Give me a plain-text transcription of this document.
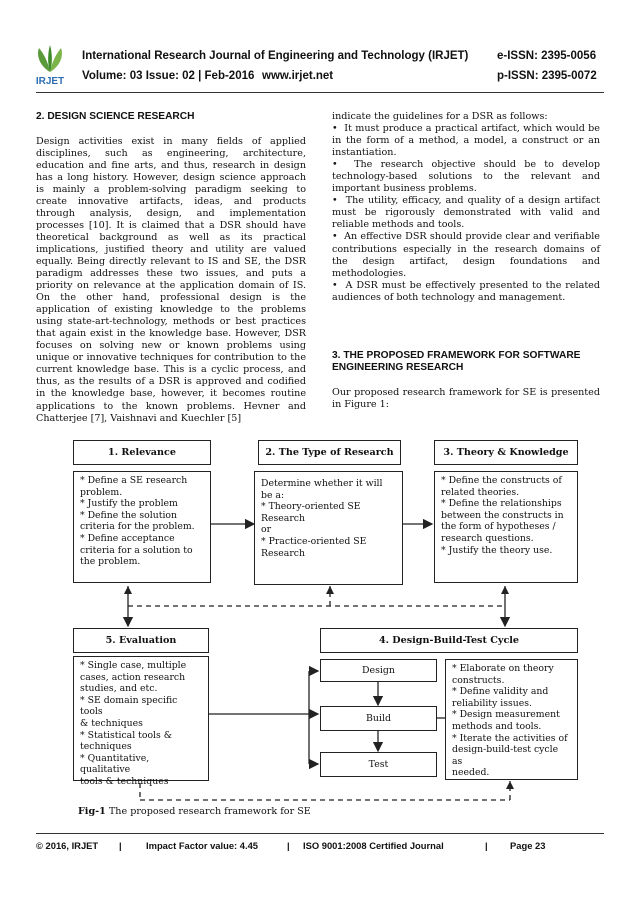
IRJET
International Research Journal of Engineering and Technology (IRJET) e-ISSN: 2395-0056
Volume: 03 Issue: 02 | Feb-2016 www.irjet.net	p-ISSN: 2395-0072
2. DESIGN SCIENCE RESEARCH

Design activities exist in many fields of applied disciplines, such as engineering, architecture, education and fine arts, and thus, research in design has a long history. However, design science approach is mainly a problem-solving paradigm seeking to create innovative artifacts, ideas, and products through analysis, design, and implementation processes [10]. It is claimed that a DSR should have theoretical background as well as its practical implications, justified theory and utility are valued equally. Being directly relevant to IS and SE, the DSR paradigm addresses these two issues, and puts a priority on relevance at the application domain of IS. On the other hand, professional design is the application of existing knowledge to the problems using state-art-technology, methods or best practices that again exist in the knowledge base. However, DSR focuses on solving new or known problems using unique or innovative techniques for contribution to the current knowledge base. This is a cyclic process, and thus, as the results of a DSR is approved and codified in the knowledge base, however, it becomes routine applications to the known problems. Hevner and Chatterjee [7], Vaishnavi and Kuechler [5]

indicate the guidelines for a DSR as follows:

•  It must produce a practical artifact, which would be in the form of a method, a model, a construct or an instantiation.

•  The research objective should be to develop technology-based solutions to the relevant and important business problems.

•  The utility, efficacy, and quality of a design artifact must be rigorously demonstrated with valid and reliable methods and tools.

•  An effective DSR should provide clear and verifiable contributions especially in the research domains of the design artifact, design foundations and methodologies.

•  A DSR must be effectively presented to the related audiences of both technology and management.

3. THE PROPOSED FRAMEWORK FOR SOFTWARE ENGINEERING RESEARCH

Our proposed research framework for SE is presented in Figure 1:

1. Relevance
* Define a SE research
problem.
* Justify the problem
* Define the solution
criteria for the problem.
* Define acceptance
criteria for a solution to
the problem.
2. The Type of Research
Determine whether it will
be a:
* Theory-oriented SE
Research
or
* Practice-oriented SE
Research
3. Theory & Knowledge
* Define the constructs of
related theories.
* Define the relationships
between the constructs in
the form of hypotheses /
research questions.
* Justify the theory use.
5. Evaluation
* Single case, multiple
cases, action research
studies, and etc.
* SE domain specific tools
& techniques
* Statistical tools &
techniques
* Quantitative, qualitative
tools & techniques
4. Design-Build-Test Cycle
Design
Build
Test
* Elaborate on theory
constructs.
* Define validity and
reliability issues.
* Design measurement
methods and tools.
* Iterate the activities of
design-build-test cycle as
needed.
Fig-1 The proposed research framework for SE
© 2016, IRJET |	Impact Factor value: 4.45	| ISO 9001:2008 Certified Journal	| Page 23
